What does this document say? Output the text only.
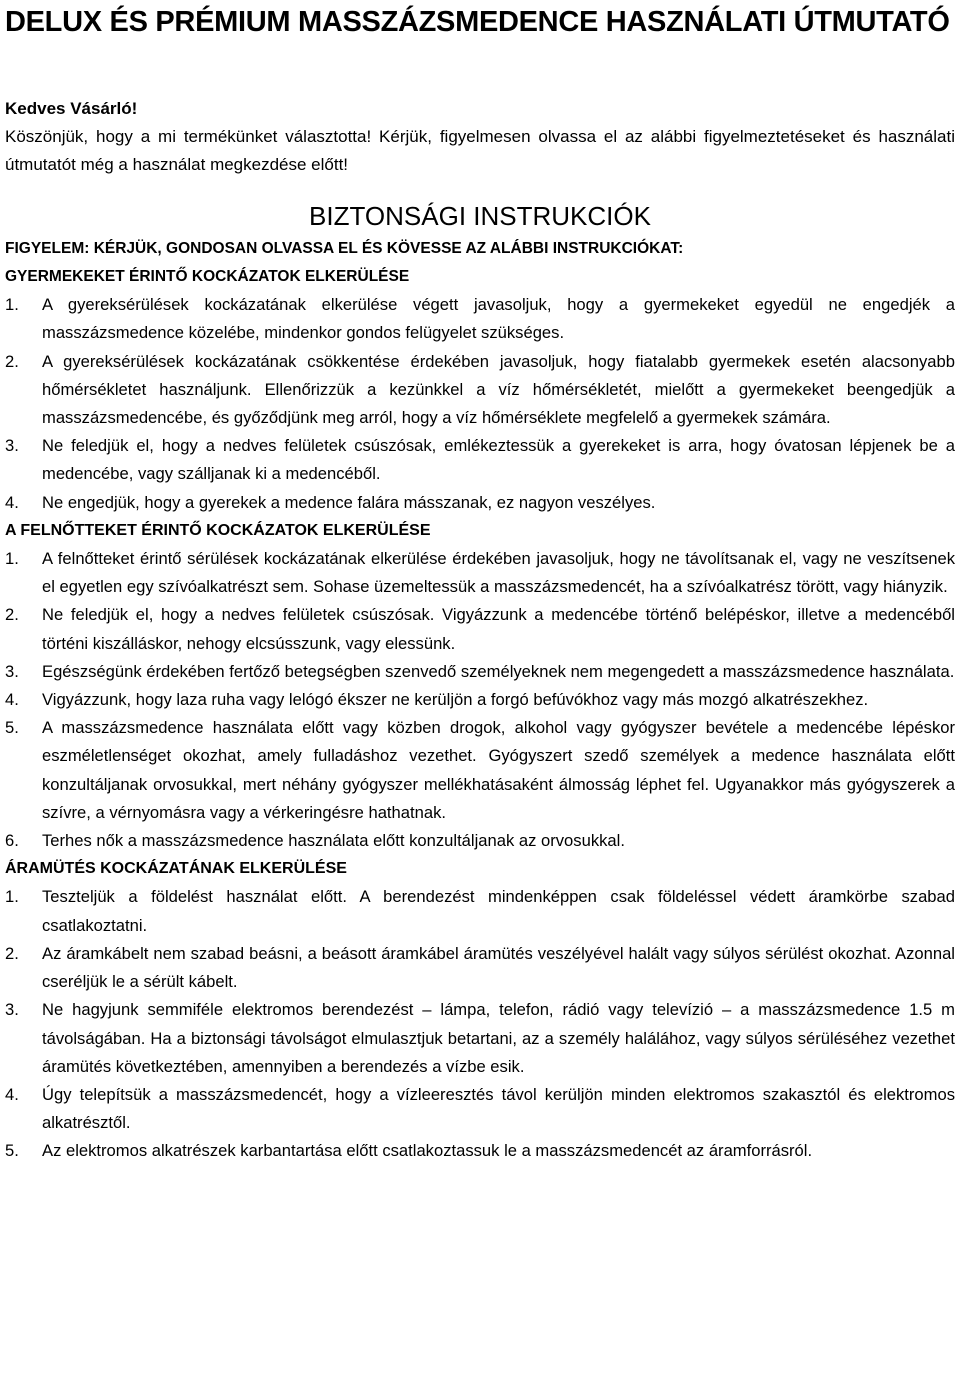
DELUX ÉS PRÉMIUM MASSZÁZSMEDENCE HASZNÁLATI ÚTMUTATÓ
Kedves Vásárló!

Köszönjük, hogy a mi termékünket választotta! Kérjük, figyelmesen olvassa el az alábbi figyelmeztetéseket és használati útmutatót még a használat megkezdése előtt!

BIZTONSÁGI INSTRUKCIÓK
FIGYELEM: KÉRJÜK, GONDOSAN OLVASSA EL ÉS KÖVESSE AZ ALÁBBI INSTRUKCIÓKAT:
GYERMEKEKET ÉRINTŐ KOCKÁZATOK ELKERÜLÉSE
1. A gyereksérülések kockázatának elkerülése végett javasoljuk, hogy a gyermekeket egyedül ne engedjék a masszázsmedence közelébe, mindenkor gondos felügyelet szükséges.
2. A gyereksérülések kockázatának csökkentése érdekében javasoljuk, hogy fiatalabb gyermekek esetén alacsonyabb hőmérsékletet használjunk. Ellenőrizzük a kezünkkel a víz hőmérsékletét, mielőtt a gyermekeket beengedjük a masszázsmedencébe, és győződjünk meg arról, hogy a víz hőmérséklete megfelelő a gyermekek számára.
3. Ne feledjük el, hogy a nedves felületek csúszósak, emlékeztessük a gyerekeket is arra, hogy óvatosan lépjenek be a medencébe, vagy szálljanak ki a medencéből.
4. Ne engedjük, hogy a gyerekek a medence falára másszanak, ez nagyon veszélyes.
A FELNŐTTEKET ÉRINTŐ KOCKÁZATOK ELKERÜLÉSE
1. A felnőtteket érintő sérülések kockázatának elkerülése érdekében javasoljuk, hogy ne távolítsanak el, vagy ne veszítsenek el egyetlen egy szívóalkatrészt sem. Sohase üzemeltessük a masszázsmedencét, ha a szívóalkatrész törött, vagy hiányzik.
2. Ne feledjük el, hogy a nedves felületek csúszósak. Vigyázzunk a medencébe történő belépéskor, illetve a medencéből történi kiszálláskor, nehogy elcsússzunk, vagy elessünk.
3. Egészségünk érdekében fertőző betegségben szenvedő személyeknek nem megengedett a masszázsmedence használata.
4. Vigyázzunk, hogy laza ruha vagy lelógó ékszer ne kerüljön a forgó befúvókhoz vagy más mozgó alkatrészekhez.
5. A masszázsmedence használata előtt vagy közben drogok, alkohol vagy gyógyszer bevétele a medencébe lépéskor eszméletlenséget okozhat, amely fulladáshoz vezethet. Gyógyszert szedő személyek a medence használata előtt konzultáljanak orvosukkal, mert néhány gyógyszer mellékhatásaként álmosság léphet fel. Ugyanakkor más gyógyszerek a szívre, a vérnyomásra vagy a vérkeringésre hathatnak.
6. Terhes nők a masszázsmedence használata előtt konzultáljanak az orvosukkal.
ÁRAMÜTÉS KOCKÁZATÁNAK ELKERÜLÉSE
1. Teszteljük a földelést használat előtt. A berendezést mindenképpen csak földeléssel védett áramkörbe szabad csatlakoztatni.
2. Az áramkábelt nem szabad beásni, a beásott áramkábel áramütés veszélyével halált vagy súlyos sérülést okozhat. Azonnal cseréljük le a sérült kábelt.
3. Ne hagyjunk semmiféle elektromos berendezést – lámpa, telefon, rádió vagy televízió – a masszázsmedence 1.5 m távolságában. Ha a biztonsági távolságot elmulasztjuk betartani, az a személy halálához, vagy súlyos sérüléséhez vezethet áramütés következtében, amennyiben a berendezés a vízbe esik.
4. Úgy telepítsük a masszázsmedencét, hogy a vízleeresztés távol kerüljön minden elektromos szakasztól és elektromos alkatrésztől.
5. Az elektromos alkatrészek karbantartása előtt csatlakoztassuk le a masszázsmedencét az áramforrásról.
